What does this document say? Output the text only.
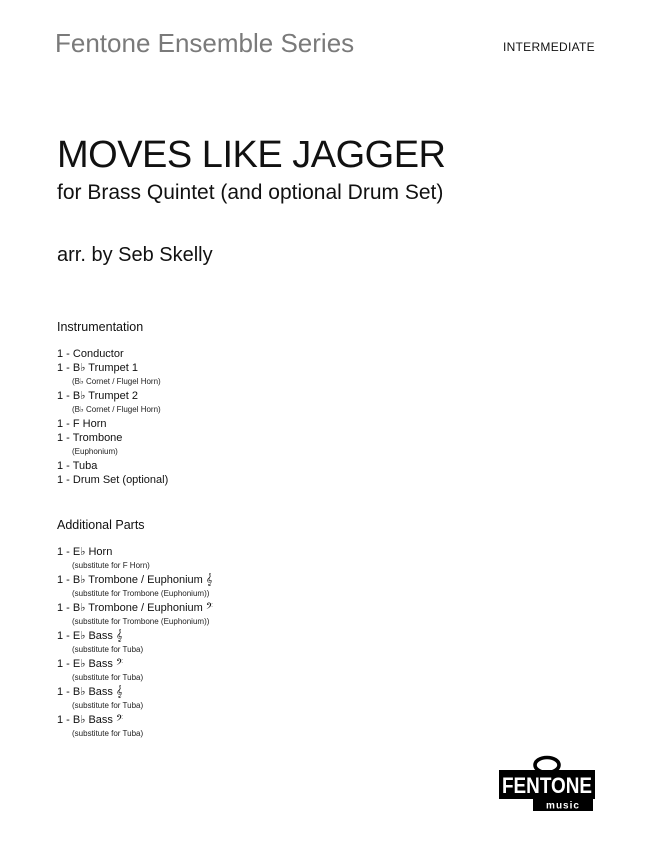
Fentone Ensemble Series	INTERMEDIATE
MOVES LIKE JAGGER
for Brass Quintet (and optional Drum Set)
arr. by Seb Skelly
Instrumentation
1 - Conductor
1 - B♭ Trumpet 1
(B♭ Cornet / Flugel Horn)
1 - B♭ Trumpet 2
(B♭ Cornet / Flugel Horn)
1 - F Horn
1 - Trombone
(Euphonium)
1 - Tuba
1 - Drum Set (optional)
Additional Parts
1 - E♭ Horn
(substitute for F Horn)
1 - B♭ Trombone / Euphonium 𝄞
(substitute for Trombone (Euphonium))
1 - B♭ Trombone / Euphonium 𝄢
(substitute for Trombone (Euphonium))
1 - E♭ Bass 𝄞
(substitute for Tuba)
1 - E♭ Bass 𝄢
(substitute for Tuba)
1 - B♭ Bass 𝄞
(substitute for Tuba)
1 - B♭ Bass 𝄢
(substitute for Tuba)
FENTONE
music
